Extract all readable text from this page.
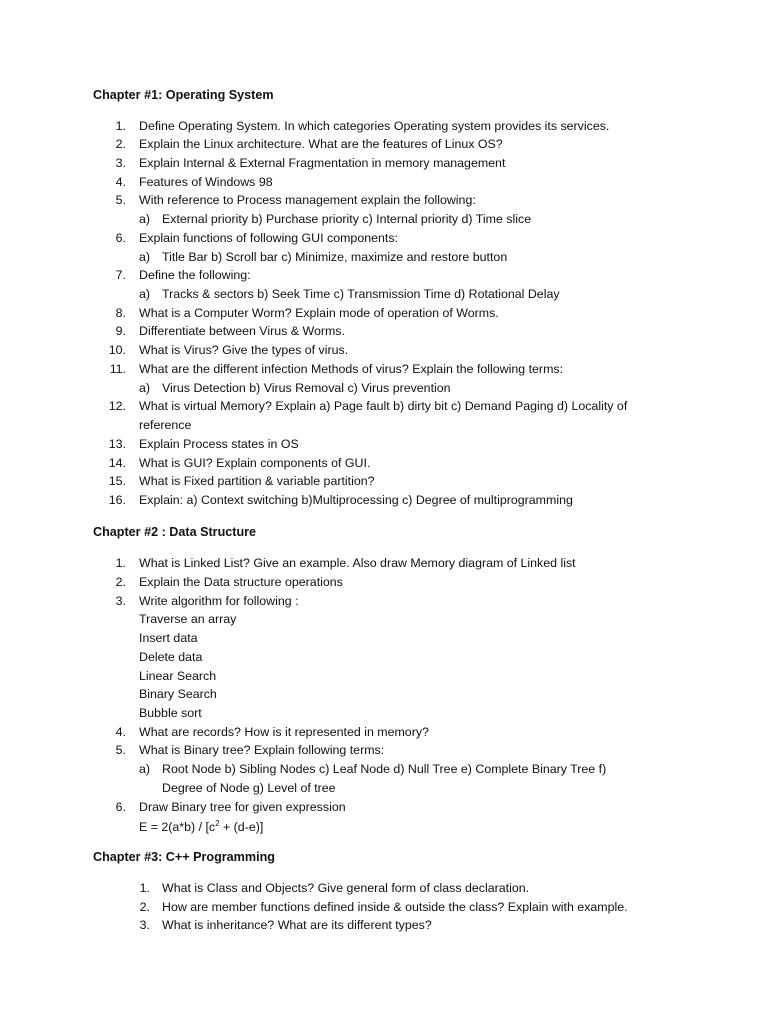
Chapter #1: Operating System
1. Define Operating System. In which categories Operating system provides its services.
2. Explain the Linux architecture. What are the features of Linux OS?
3. Explain Internal & External Fragmentation in memory management
4. Features of Windows 98
5. With reference to Process management explain the following:
a) External priority b) Purchase priority c) Internal priority d) Time slice
6. Explain functions of following GUI components:
a) Title Bar b) Scroll bar c) Minimize, maximize and restore button
7. Define the following:
a) Tracks & sectors b) Seek Time c) Transmission Time d) Rotational Delay
8. What is a Computer Worm? Explain mode of operation of Worms.
9. Differentiate between Virus & Worms.
10. What is Virus? Give the types of virus.
11. What are the different infection Methods of virus? Explain the following terms:
a) Virus Detection b) Virus Removal c) Virus prevention
12. What is virtual Memory? Explain a) Page fault b) dirty bit c) Demand Paging d) Locality of
reference
13. Explain Process states in OS
14. What is GUI? Explain components of GUI.
15. What is Fixed partition & variable partition?
16. Explain: a) Context switching b)Multiprocessing c) Degree of multiprogramming
Chapter #2 : Data Structure
1. What is Linked List? Give an example. Also draw Memory diagram of Linked list
2. Explain the Data structure operations
3. Write algorithm for following :
Traverse an array
Insert data
Delete data
Linear Search
Binary Search
Bubble sort
4. What are records? How is it represented in memory?
5. What is Binary tree? Explain following terms:
a) Root Node b) Sibling Nodes c) Leaf Node d) Null Tree e) Complete Binary Tree f)
Degree of Node g) Level of tree
6. Draw Binary tree for given expression
$E = 2(a*b) / [c^2 + (d-e)]$
Chapter #3: C++ Programming
1. What is Class and Objects? Give general form of class declaration.
2. How are member functions defined inside & outside the class? Explain with example.
3. What is inheritance? What are its different types?
